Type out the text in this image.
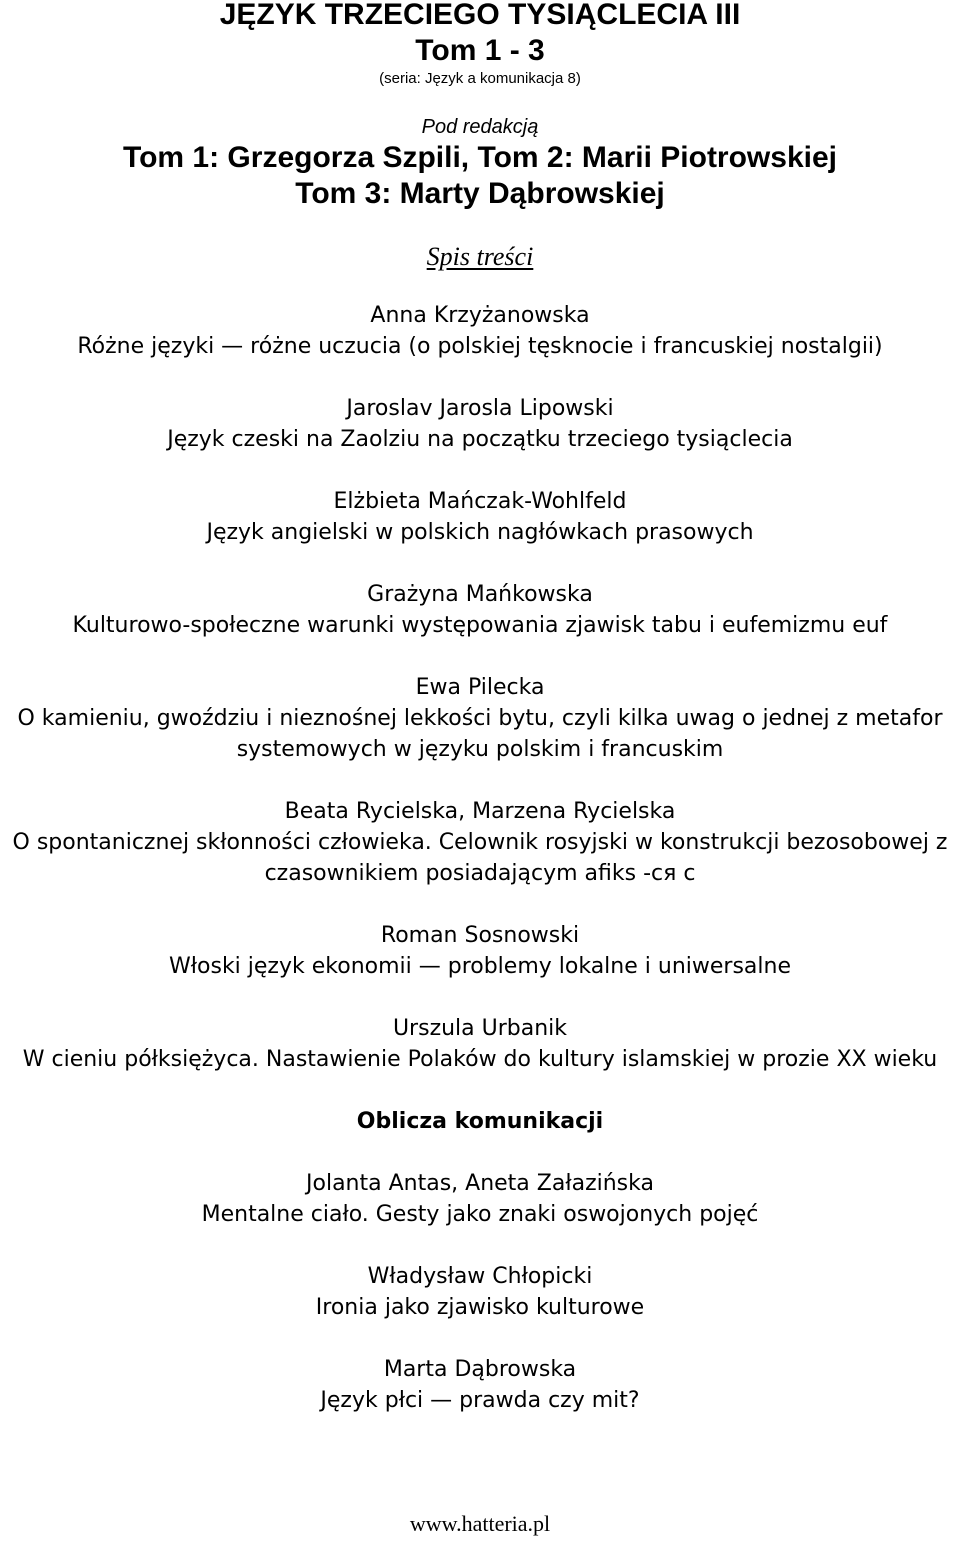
JĘZYK TRZECIEGO TYSIĄCLECIA III
Tom 1 - 3
(seria: Język a komunikacja 8)
Pod redakcją
Tom 1: Grzegorza Szpili, Tom 2: Marii Piotrowskiej
Tom 3: Marty Dąbrowskiej
Spis treści
Anna Krzyżanowska
Różne języki — różne uczucia (o polskiej tęsknocie i francuskiej nostalgii)
Jaroslav Jarosla Lipowski
Język czeski na Zaolziu na początku trzeciego tysiąclecia
Elżbieta Mańczak-Wohlfeld
Język angielski w polskich nagłówkach prasowych
Grażyna Mańkowska
Kulturowo-społeczne warunki występowania zjawisk tabu i eufemizmu euf
Ewa Pilecka
O kamieniu, gwoździu i nieznośnej lekkości bytu, czyli kilka uwag o jednej z metafor
systemowych w języku polskim i francuskim
Beata Rycielska, Marzena Rycielska
O spontanicznej skłonności człowieka. Celownik rosyjski w konstrukcji bezosobowej z
czasownikiem posiadającym afiks -ся с
Roman Sosnowski
Włoski język ekonomii — problemy lokalne i uniwersalne
Urszula Urbanik
W cieniu półksiężyca. Nastawienie Polaków do kultury islamskiej w prozie XX wieku
Oblicza komunikacji
Jolanta Antas, Aneta Załazińska
Mentalne ciało. Gesty jako znaki oswojonych pojęć
Władysław Chłopicki
Ironia jako zjawisko kulturowe
Marta Dąbrowska
Język płci — prawda czy mit?
www.hatteria.pl
